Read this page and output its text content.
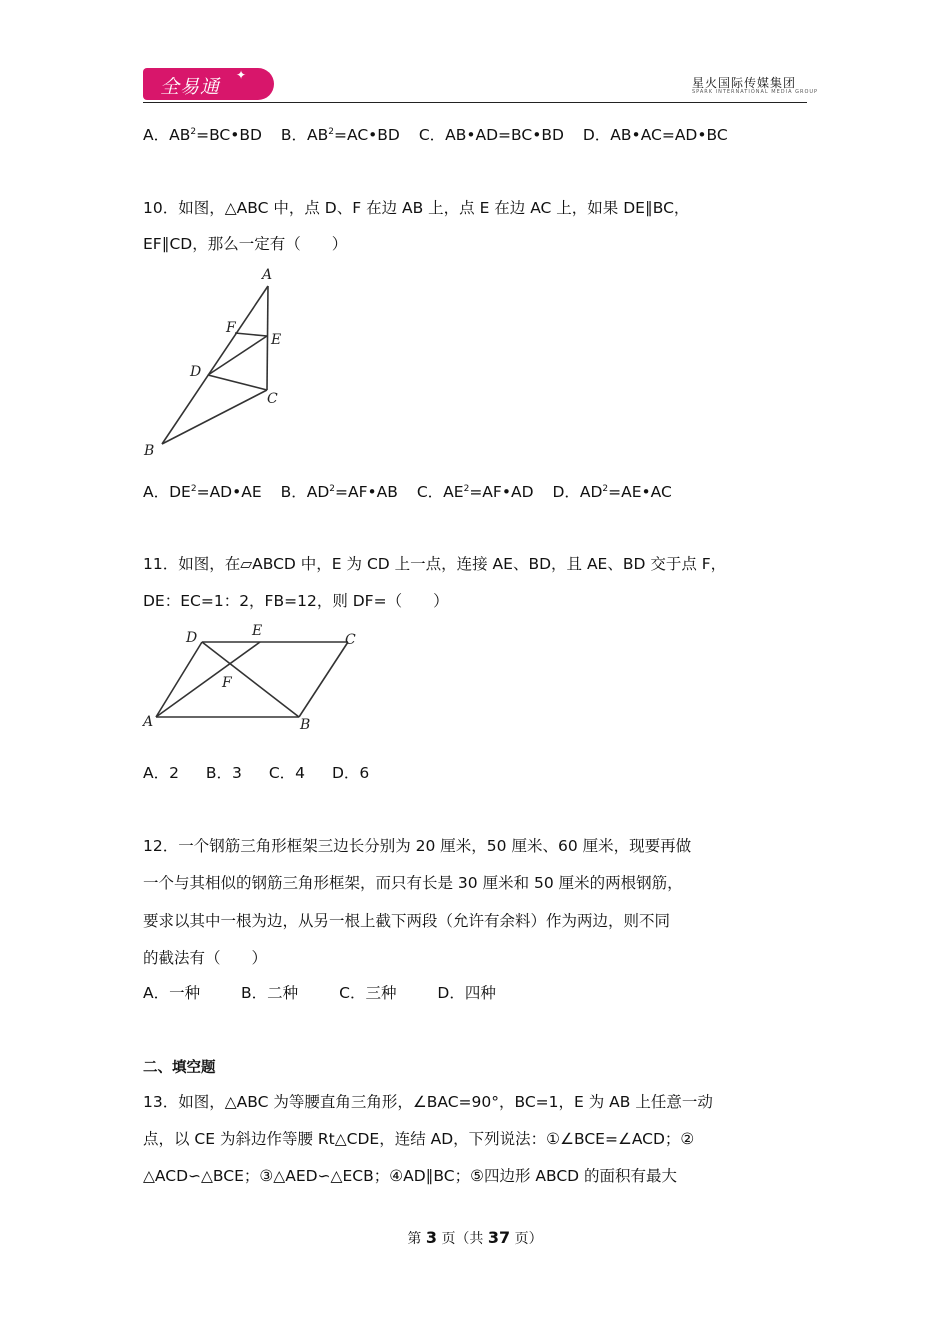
全易通
✦
星火国际传媒集团
SPARK INTERNATIONAL MEDIA GROUP
A．$AB^2=BC•BD$ B．$AB^2=AC•BD$ C．AB•AD=BC•BD D．AB•AC=AD•BC
10．如图，△ABC 中，点 D、F 在边 AB 上，点 E 在边 AC 上，如果 DE∥BC，
EF∥CD，那么一定有（　　）
A
B
C
D
E
F
A．$DE^2=AD•AE$ B．$AD^2=AF•AB$ C．$AE^2=AF•AD$ D．$AD^2=AE•AC$
11．如图，在▱ABCD 中，E 为 CD 上一点，连接 AE、BD，且 AE、BD 交于点 F，
DE：EC=1：2，FB=12，则 DF=（　　）
D	E
C
F
A	B
A．2 B．3 C．4 D．6
12．一个钢筋三角形框架三边长分别为 20 厘米，50 厘米、60 厘米，现要再做
一个与其相似的钢筋三角形框架，而只有长是 30 厘米和 50 厘米的两根钢筋，
要求以其中一根为边，从另一根上截下两段（允许有余料）作为两边，则不同
的截法有（　　）
A．一种	B．二种	C．三种	D．四种
二、填空题
13．如图，△ABC 为等腰直角三角形，∠BAC=90°，BC=1，E 为 AB 上任意一动
点，以 CE 为斜边作等腰 Rt△CDE，连结 AD，下列说法：①∠BCE=∠ACD；②
△ACD∽△BCE；③△AED∽△ECB；④AD∥BC；⑤四边形 ABCD 的面积有最大
第 3 页（共 37 页）
